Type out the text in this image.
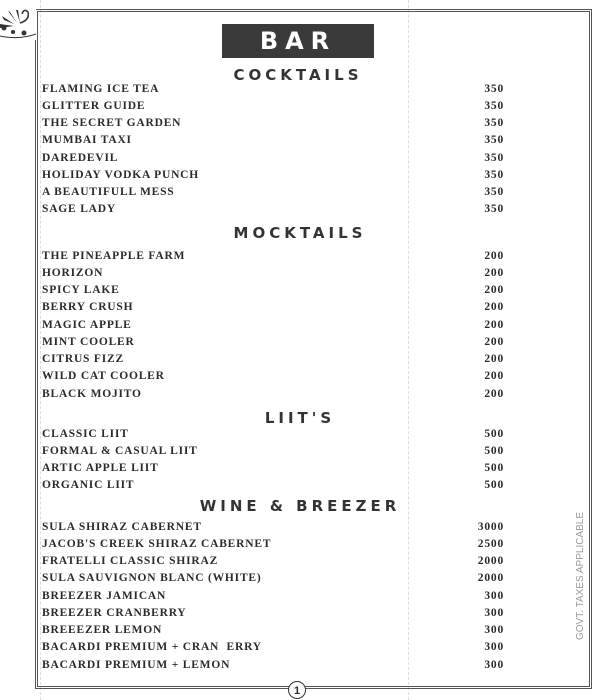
BAR
COCKTAILS
FLAMING ICE TEA	350
GLITTER GUIDE	350
THE SECRET GARDEN	350
MUMBAI TAXI	350
DAREDEVIL	350
HOLIDAY VODKA PUNCH	350
A BEAUTIFULL MESS	350
SAGE LADY	350
MOCKTAILS
THE PINEAPPLE FARM	200
HORIZON	200
SPICY LAKE	200
BERRY CRUSH	200
MAGIC APPLE	200
MINT COOLER	200
CITRUS FIZZ	200
WILD CAT COOLER	200
BLACK MOJITO	200
LIIT'S
CLASSIC LIIT	500
FORMAL & CASUAL LIIT	500
ARTIC APPLE LIIT	500
ORGANIC LIIT	500
WINE & BREEZER
SULA SHIRAZ CABERNET	3000
JACOB'S CREEK SHIRAZ CABERNET	2500
FRATELLI CLASSIC SHIRAZ	2000
SULA SAUVIGNON BLANC (WHITE)	2000
BREEZER JAMICAN	300
BREEZER CRANBERRY	300
BREEEZER LEMON	300
BACARDI PREMIUM + CRAN  ERRY	300
BACARDI PREMIUM + LEMON	300
GOVT. TAXES APPLICABLE
1
